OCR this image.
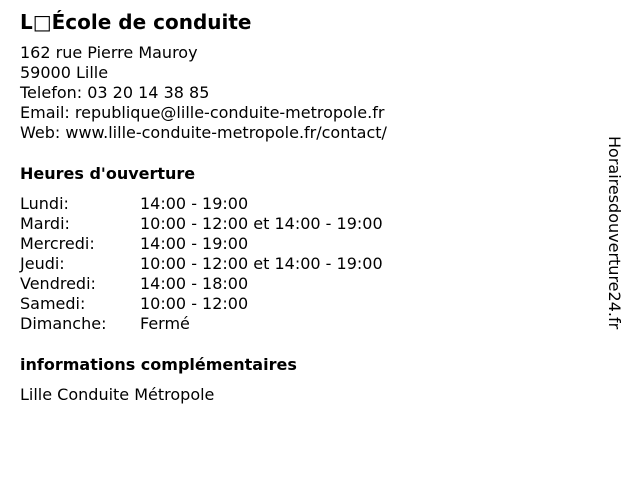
L□École de conduite
162 rue Pierre Mauroy
59000 Lille
Telefon: 03 20 14 38 85
Email: republique@lille-conduite-metropole.fr
Web: www.lille-conduite-metropole.fr/contact/
Heures d'ouverture
Lundi:	14:00 - 19:00
Mardi:	10:00 - 12:00 et 14:00 - 19:00
Mercredi:	14:00 - 19:00
Jeudi:	10:00 - 12:00 et 14:00 - 19:00
Vendredi:	14:00 - 18:00
Samedi:	10:00 - 12:00
Dimanche:	Fermé
informations complémentaires
Lille Conduite Métropole
Horairesdouverture24.fr
